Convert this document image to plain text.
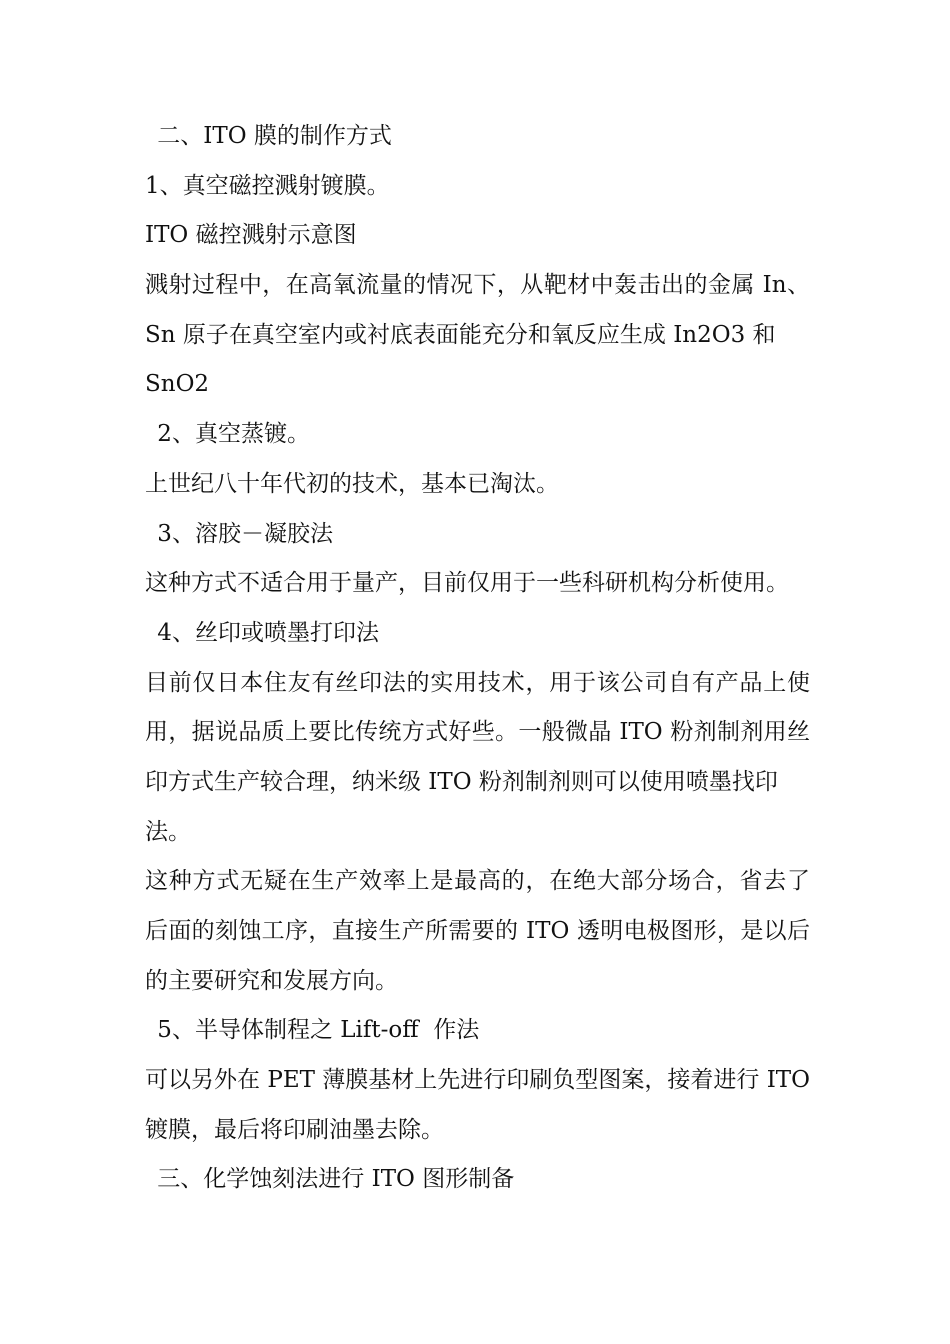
二、ITO 膜的制作方式
1、真空磁控溅射镀膜。
ITO 磁控溅射示意图
溅射过程中，在高氧流量的情况下，从靶材中轰击出的金属 In、
Sn 原子在真空室内或衬底表面能充分和氧反应生成 In2O3 和
SnO2
2、真空蒸镀。
上世纪八十年代初的技术，基本已淘汰。
3、溶胶－凝胶法
这种方式不适合用于量产，目前仅用于一些科研机构分析使用。
4、丝印或喷墨打印法
目前仅日本住友有丝印法的实用技术，用于该公司自有产品上使
用，据说品质上要比传统方式好些。一般微晶 ITO 粉剂制剂用丝
印方式生产较合理，纳米级 ITO 粉剂制剂则可以使用喷墨找印
法。
这种方式无疑在生产效率上是最高的，在绝大部分场合，省去了
后面的刻蚀工序，直接生产所需要的 ITO 透明电极图形，是以后
的主要研究和发展方向。
5、半导体制程之 Lift-off  作法
可以另外在 PET 薄膜基材上先进行印刷负型图案，接着进行 ITO
镀膜，最后将印刷油墨去除。
三、化学蚀刻法进行 ITO 图形制备
